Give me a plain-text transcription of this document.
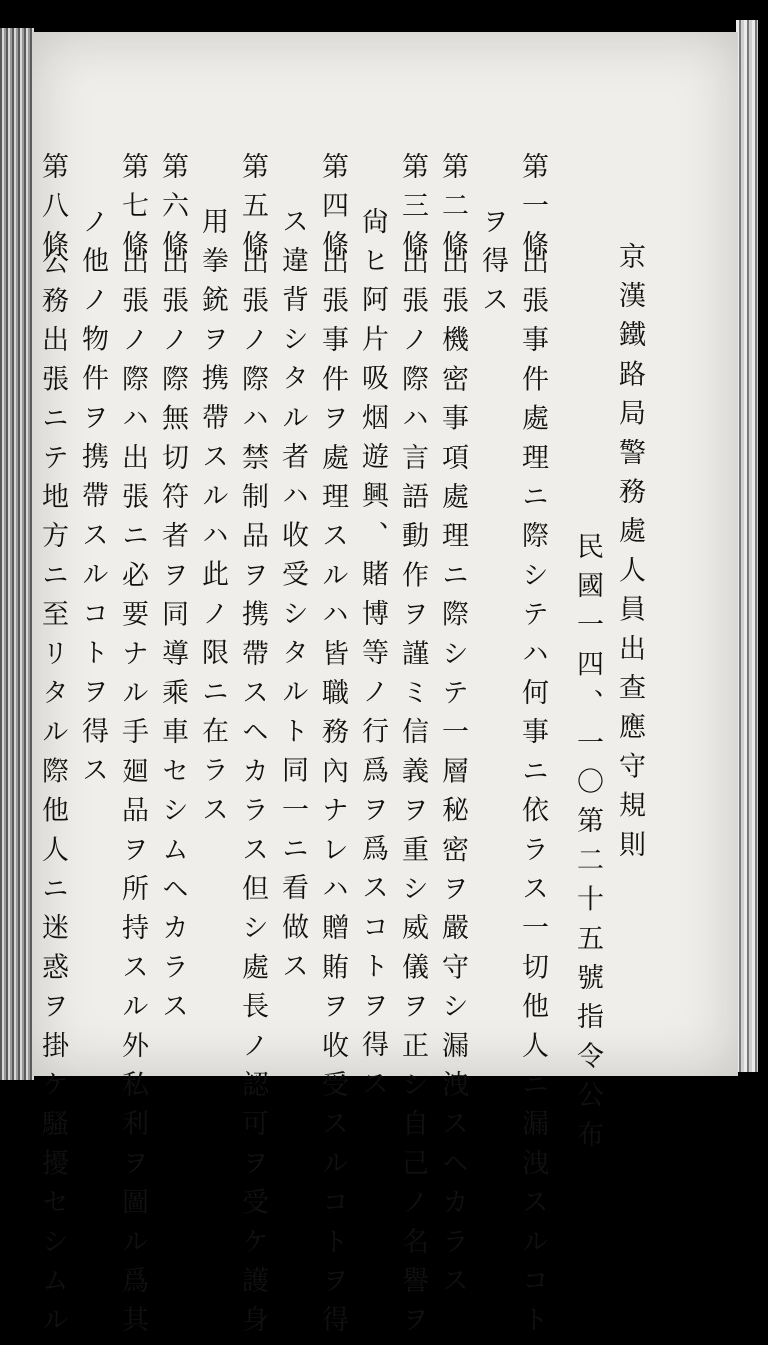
京漢鐵路局警務處人員出查應守規則
民國一四、一〇第二十五號指令公布
第一條
出張事件處理ニ際シテハ何事ニ依ラス一切他人ニ漏洩スルコト
ヲ得ス
第二條
出張機密事項處理ニ際シテ一層秘密ヲ嚴守シ漏洩スヘカラス
第三條
出張ノ際ハ言語動作ヲ謹ミ信義ヲ重シ威儀ヲ正シ自己ノ名譽ヲ
尙ヒ阿片吸烟遊興、賭博等ノ行爲ヲ爲スコトヲ得ス
第四條
出張事件ヲ處理スルハ皆職務內ナレハ贈賄ヲ收受スルコトヲ得
ス違背シタル者ハ收受シタルト同一ニ看做ス
第五條
出張ノ際ハ禁制品ヲ携帶スヘカラス但シ處長ノ認可ヲ受ケ護身
用拳銃ヲ携帶スルハ此ノ限ニ在ラス
第六條
出張ノ際無切符者ヲ同導乘車セシムヘカラス
第七條
出張ノ際ハ出張ニ必要ナル手廻品ヲ所持スル外私利ヲ圖ル爲其
ノ他ノ物件ヲ携帶スルコトヲ得ス
第八條
公務出張ニテ地方ニ至リタル際他人ニ迷惑ヲ掛ケ騷擾セシムル
